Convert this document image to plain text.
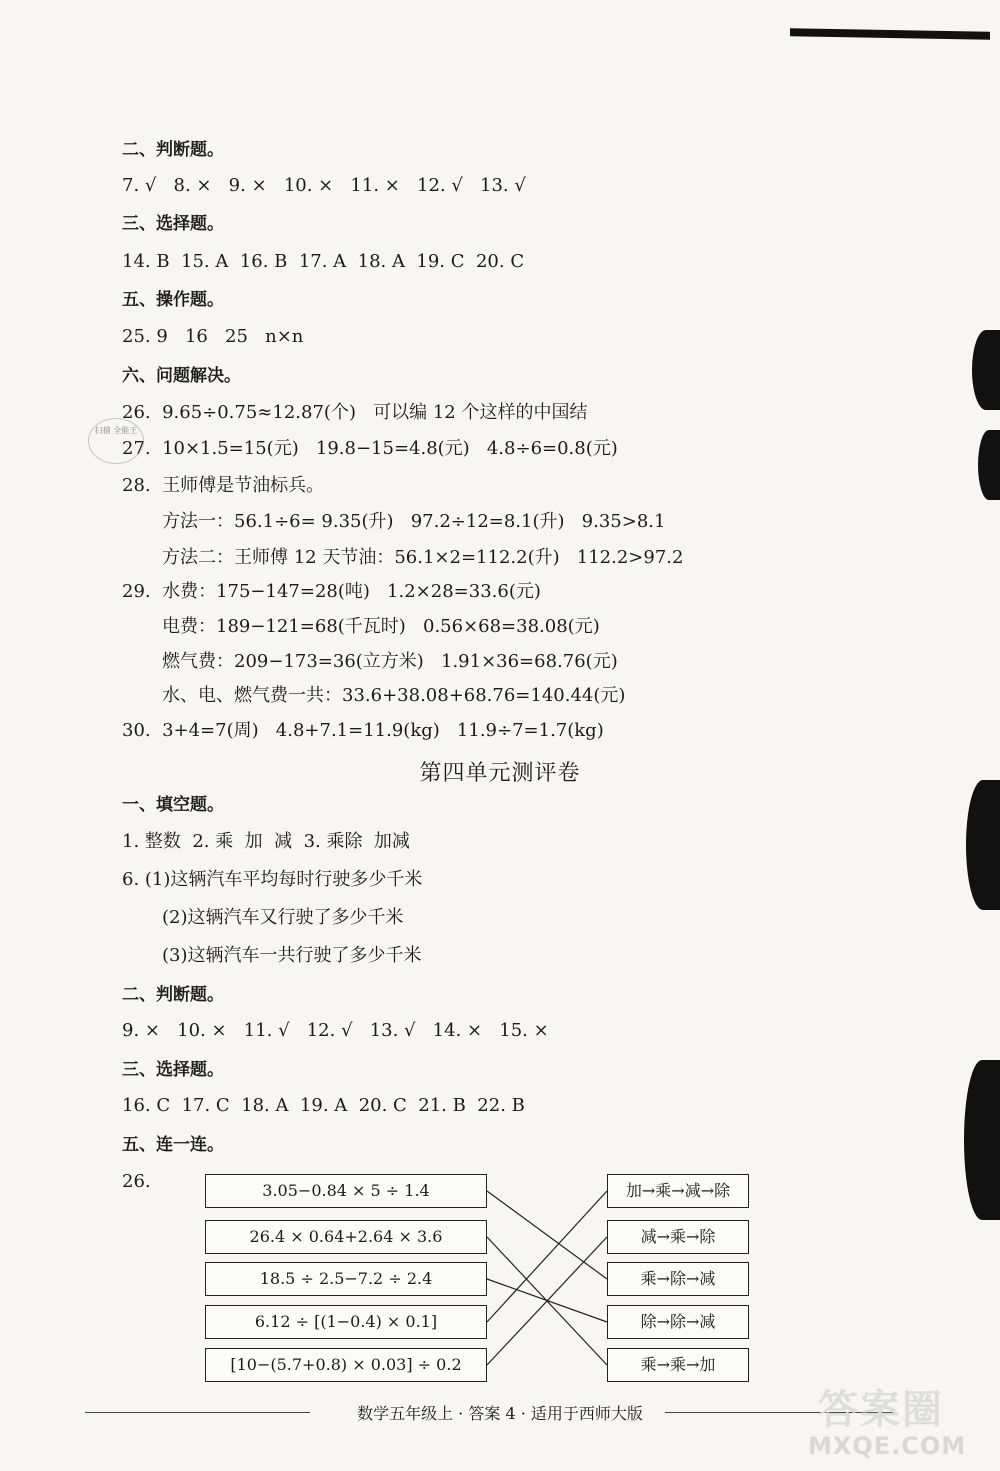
二、判断题。
7. √   8. ×   9. ×   10. ×   11. ×   12. √   13. √
三、选择题。
14. B  15. A  16. B  17. A  18. A  19. C  20. C
五、操作题。
25. 9   16   25   n×n
六、问题解决。
26.  9.65÷0.75≈12.87(个)   可以编 12 个这样的中国结
27.  10×1.5=15(元)   19.8−15=4.8(元)   4.8÷6=0.8(元)
28.  王师傅是节油标兵。
方法一：56.1÷6= 9.35(升)   97.2÷12=8.1(升)   9.35>8.1
方法二：王师傅 12 天节油：56.1×2=112.2(升)   112.2>97.2
29.  水费：175−147=28(吨)   1.2×28=33.6(元)
电费：189−121=68(千瓦时)   0.56×68=38.08(元)
燃气费：209−173=36(立方米)   1.91×36=68.76(元)
水、电、燃气费一共：33.6+38.08+68.76=140.44(元)
30.  3+4=7(周)   4.8+7.1=11.9(kg)   11.9÷7=1.7(kg)
扫描 全能王
第四单元测评卷
一、填空题。
1. 整数  2. 乘  加  减  3. 乘除  加减
6. (1)这辆汽车平均每时行驶多少千米
(2)这辆汽车又行驶了多少千米
(3)这辆汽车一共行驶了多少千米
二、判断题。
9. ×   10. ×   11. √   12. √   13. √   14. ×   15. ×
三、选择题。
16. C  17. C  18. A  19. A  20. C  21. B  22. B
五、连一连。
26.	3.05−0.84 × 5 ÷ 1.4
26.4 × 0.64+2.64 × 3.6
18.5 ÷ 2.5−7.2 ÷ 2.4
6.12 ÷ [(1−0.4) × 0.1]
[10−(5.7+0.8) × 0.03] ÷ 0.2
加→乘→减→除
减→乘→除
乘→除→减
除→除→减
乘→乘→加
数学五年级上 · 答案 4 · 适用于西师大版	答案圈
MXQE.COM
